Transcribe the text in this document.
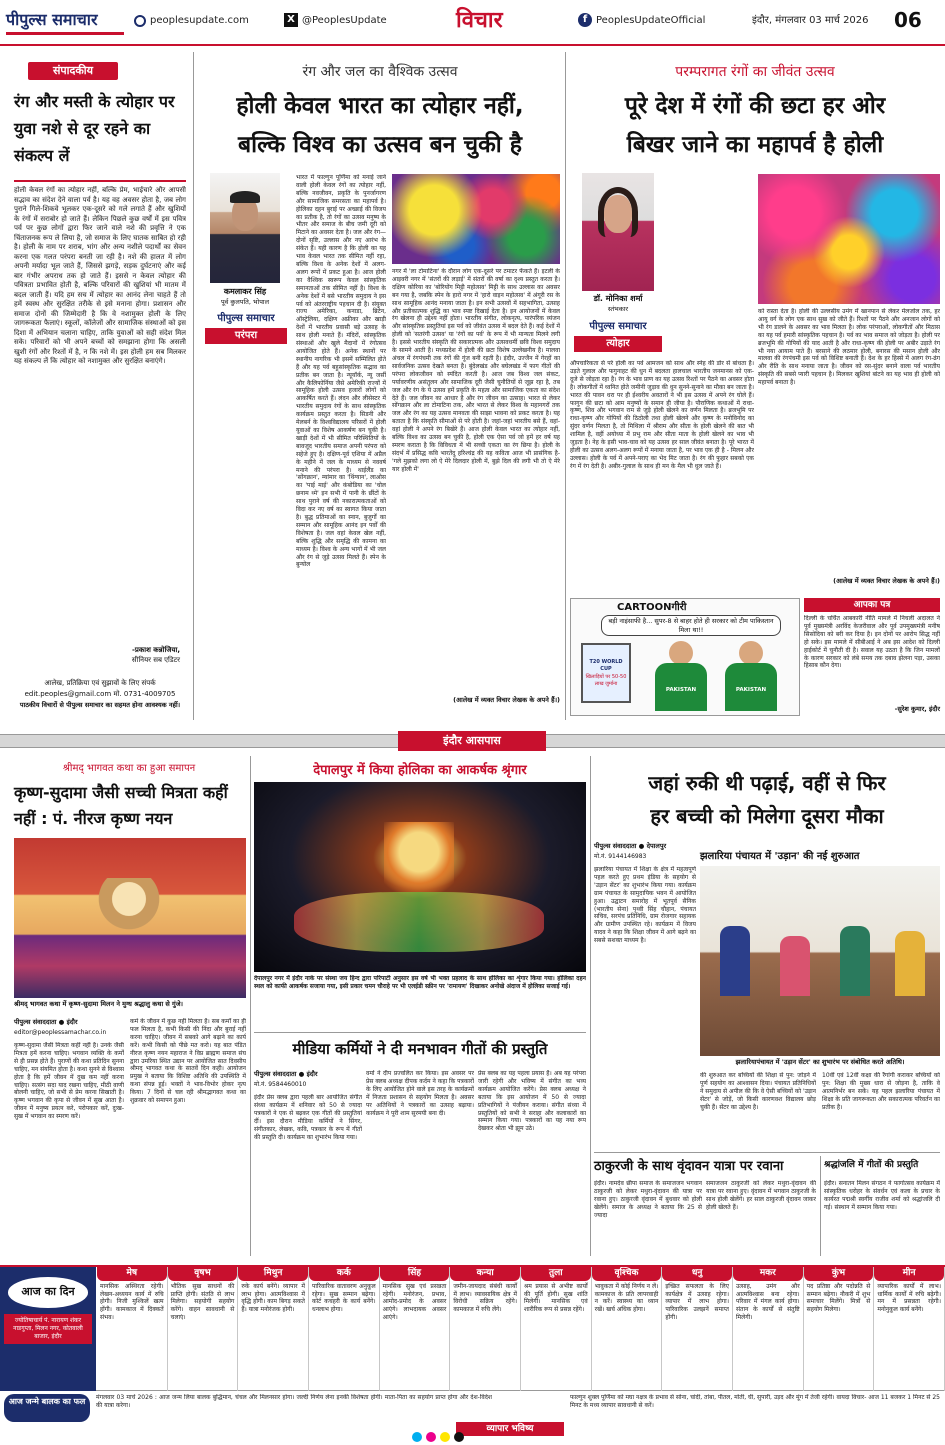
पीपुल्स समाचार	peoplesupdate.com	X @PeoplesUpdate	विचार	f PeoplesUpdateOfficial	इंदौर, मंगलवार 03 मार्च 2026 06
संपादकीय
रंग और मस्ती के त्योहार पर युवा नशे से दूर रहने का संकल्प लें
होली केवल रंगों का त्योहार नहीं, बल्कि प्रेम, भाईचारे और आपसी सद्भाव का संदेश देने वाला पर्व है। यह वह अवसर होता है, जब लोग पुराने गिले-शिकवे भूलकर एक-दूसरे को गले लगाते हैं और खुशियों के रंगों में सराबोर हो जाते हैं। लेकिन पिछले कुछ वर्षों में इस पवित्र पर्व पर कुछ लोगों द्वारा फिर जाने वाले नशे की प्रवृत्ति ने एक चिंताजनक रूप ले लिया है, जो समाज के लिए घातक साबित हो रही है। होली के नाम पर शराब, भांग और अन्य नशीले पदार्थों का सेवन करना एक गलत परंपरा बनती जा रही है। नशे की हालत में लोग अपनी मर्यादा भूल जाते हैं, जिससे झगड़े, सड़क दुर्घटनाएं और कई बार गंभीर अपराध तक हो जाते हैं। इससे न केवल त्योहार की पवित्रता प्रभावित होती है, बल्कि परिवारों की खुशियां भी मातम में बदल जाती हैं। यदि हम सच में त्योहार का आनंद लेना चाहते हैं तो हमें स्वस्थ और सुरक्षित तरीके से इसे मनाना होगा। प्रशासन और समाज दोनों की जिम्मेदारी है कि वे नशामुक्त होली के लिए जागरूकता फैलाएं। स्कूलों, कॉलेजों और सामाजिक संस्थाओं को इस दिशा में अभियान चलाना चाहिए, ताकि युवाओं को सही संदेश मिल सके। परिवारों को भी अपने बच्चों को समझाना होगा कि असली खुशी रंगों और रिश्तों में है, न कि नशे में। इस होली हम सब मिलकर यह संकल्प लें कि त्योहार को नशामुक्त और सुरक्षित बनाएंगे।
-प्रकाश कन्नोजिया,
सीनियर सब एडिटर
आलेख, प्रतिक्रिया एवं सुझावों के लिए संपर्क
edit.peoples@gmail.com मो. 0731-4009705
पाठकीय विचारों से पीपुल्स समाचार का सहमत होना आवश्यक नहीं।
रंग और जल का वैश्विक उत्सव
होली केवल भारत का त्योहार नहीं,
बल्कि विश्व का उत्सव बन चुकी है
कमलाकर सिंह
पूर्व कुलपति, भोपाल
पीपुल्स समाचार
परंपरा
भारत में फाल्गुन पूर्णिमा को मनाई जाने वाली होली केवल रंगों का त्योहार नहीं, बल्कि नवजीवन, प्रकृति के पुनर्जागरण और सामाजिक समरसता का महापर्व है। होलिका दहन बुराई पर अच्छाई की विजय का प्रतीक है, तो रंगों का उत्सव मनुष्य के भीतर और समाज के बीच जमी दूरी को मिटाने का अवसर देता है। जल और रंग—दोनों सृष्टि, उल्लास और नए आरंभ के संकेत हैं। यही कारण है कि होली का यह भाव केवल भारत तक सीमित नहीं रहा, बल्कि विश्व के अनेक देशों में अलग-अलग रूपों में प्रकट हुआ है। आज होली का वैश्विक स्वरूप केवल सांस्कृतिक समानताओं तक सीमित नहीं है। विश्व के अनेक देशों में बसे भारतीय समुदाय ने इस पर्व को अंतरराष्ट्रीय पहचान दी है। संयुक्त राज्य अमेरिका, कनाडा, ब्रिटेन, ऑस्ट्रेलिया, दक्षिण अफ्रीका और खाड़ी देशों में भारतीय प्रवासी बड़े उत्साह के साथ होली मनाते हैं। मंदिरों, सांस्कृतिक संस्थाओं और खुले मैदानों में रंगोत्सव आयोजित होते हैं। अनेक स्थानों पर स्थानीय नागरिक भी इसमें सम्मिलित होते हैं और यह पर्व बहुसांस्कृतिक सद्भाव का प्रतीक बन जाता है। न्यूयॉर्क, न्यू जर्सी और कैलिफोर्निया जैसे अमेरिकी राज्यों में सामूहिक होली उत्सव हजारों लोगों को आकर्षित करते हैं। लंदन और लीसेस्टर में भारतीय समुदाय रंगों के साथ सांस्कृतिक कार्यक्रम प्रस्तुत करता है। सिडनी और मेलबर्न के विश्वविद्यालय परिसरों में होली युवाओं का विशेष आकर्षण बन चुकी है। खाड़ी देशों में भी सीमित परिस्थितियों के बावजूद भारतीय समाज अपनी परंपरा को सहेजे हुए है। दक्षिण-पूर्व एशिया में अप्रैल के महीने में जल के माध्यम से नववर्ष मनाने की परंपरा है। थाईलैंड का 'सोंगक्रान', म्यांमार का 'थिंग्यान', लाओस का 'पाई माई' और कंबोडिया का 'चोल छनाम थ्मे' इन सभी में पानी के छींटों के साथ पुराने वर्ष की नकारात्मकताओं को विदा कर नए वर्ष का स्वागत किया जाता है। बुद्ध प्रतिमाओं का स्नान, बुजुर्गों का सम्मान और सामूहिक आनंद इन पर्वों की विशेषता है। जल वहां केवल खेल नहीं, बल्कि शुद्धि और समृद्धि की कामना का माध्यम है। विश्व के अन्य भागों में भी जल और रंग से जुड़े उत्सव मिलते हैं। स्पेन के बुन्योल
नगर में 'ला टोमाटिना' के दौरान लोग एक-दूसरे पर टमाटर फेंकते हैं। इटली के आइवरी नगर में 'संतरों की लड़ाई' में संतरों की वर्षा का दृश्य प्रस्तुत करता है। दक्षिण कोरिया का 'बोरियोंग मिट्टी महोत्सव' मिट्टी के साथ उल्लास का अवसर बन गया है, जबकि स्पेन के हारो नगर में 'हारो वाइन महोत्सव' में अंगूरी रस के साथ सामूहिक आनंद मनाया जाता है। इन सभी उत्सवों में सहभागिता, उत्साह और प्रतीकात्मक शुद्धि का भाव स्पष्ट दिखाई देता है। इन आयोजनों में केवल रंग खेलना ही उद्देश्य नहीं होता। भारतीय संगीत, लोकनृत्य, पारंपरिक व्यंजन और सांस्कृतिक प्रस्तुतियां इस पर्व को जीवंत उत्सव में बदल देते हैं। कई देशों में होली को 'सतरंगी उत्सव' या 'रंगों का पर्व' के रूप में भी मान्यता मिलने लगी है। इससे भारतीय संस्कृति की सकारात्मक और उत्सवधर्मी छवि विश्व समुदाय के सामने आती है। मध्यप्रदेश में होली की छटा विशेष उल्लेखनीय है। मालवा अंचल में रंगपंचमी तक रंगों की गूंज बनी रहती है। इंदौर, उज्जैन में गेरहों का सार्वजनिक उत्सव देखते बनता है। बुंदेलखंड और बघेलखंड में फाग गीतों की परंपरा लोकजीवन को स्पंदित करती है। आज जब विश्व जल संकट, पर्यावरणीय असंतुलन और सामाजिक दूरी जैसी चुनौतियों से जूझ रहा है, तब जल और रंग के ये उत्सव हमें प्रकृति के महत्व और सामाजिक एकता का संदेश देते हैं। जल जीवन का आधार है और रंग जीवन का उत्साह। भारत से लेकर सोंगक्रान और ला टोमाटिना तक, और भारत से लेकर विश्व के महानगरों तक जल और रंग का यह उत्सव मानवता की साझा भावना को प्रकट करता है। यह बताता है कि संस्कृति सीमाओं से परे होती है। जहां-जहां भारतीय बसे हैं, वहां-वहां होली ने अपने रंग बिखेरे हैं। आज होली केवल भारत का त्योहार नहीं, बल्कि विश्व का उत्सव बन चुकी है, होली एक ऐसा पर्व जो हमें हर वर्ष यह स्मरण कराता है कि विविधता में भी सच्ची एकता का रंग छिपा है। होली के संदर्भ में प्रसिद्ध कवि भारतेंदु हरिश्चंद्र की यह कविता आज भी प्रासंगिक है- 'गले मुझको लगा लो ऐ मेरे दिलदार होली में, बुझे दिल की लगी भी तो ऐ मेरे यार होली में'
(आलेख में व्यक्त विचार लेखक के अपने हैं।)
परम्परागत रंगों का जीवंत उत्सव
पूरे देश में रंगों की छटा हर ओर
बिखर जाने का महापर्व है होली
डॉ. मोनिका शर्मा
स्तंभकार
पीपुल्स समाचार
त्योहार
औपचारिकता से परे होली का पर्व आमजन को साथ और स्नेह की डोर से बांधता है। उड़ते गुलाल और फगुनाहट की धुन में बदलता हालचाल भारतीय जनमानस को एक-दूजे से जोड़ता रहा है। रंग के भाव प्राण का यह उत्सव रिश्तों पर पैठने का अवसर होता है। लोकगीतों में ध्वनित होते जमीनी जुड़ाव की धुन सुनने-सुनाने का मौका बन जाता है। भारत की पावन धरा पर ही ईश्वरीय अवतारों ने भी इस उत्सव में अपने रंग घोले हैं। फागुन की छटा को आम मनुष्यों के समान ही जीया है। पौराणिक कथाओं में राधा-कृष्ण, शिव और भगवान राम से जुड़े होली खेलने का वर्णन मिलता है। ब्रजभूमि पर राधा-कृष्ण और गोपियों की ठिठोली तथा होली खेलने और कृष्ण के मनोविनोद का सुंदर वर्णन मिलता है, तो मिथिला में श्रीराम और सीता के होली खेलने की बात भी शामिल है, वहीं अयोध्या में प्रभु राम और सीता माता के होली खेलने का भाव भी जुड़ता है। नेह के इसी भाव-चाव को यह उत्सव हर साल जीवंत बनाता है। पूरे भारत में होली का उत्सव अलग-अलग रूपों में मनाया जाता है, पर भाव एक ही है - मिलन और उल्लास। होली के पर्व में अपने-पराए का भेद मिट जाता है। रंग की फुहार सबको एक रंग में रंग देती है। अबीर-गुलाल के साथ ही मन के मैल भी धुल जाते हैं।
को रास्ता देता है। होली की उल्लसीय उमंग में खानपान से लेकर मेलजोल तक, हर आयु वर्ग के लोग एक साथ सुख को जीते हैं। रिश्तों पर पैठने और अनजान लोगों को भी रंग डालने के अवसर का भाव मिलता है। लोक परंपराओं, लोकगीतों और मिठास का यह पर्व हमारी सांस्कृतिक पहचान है। पर्व का भाव समाज को जोड़ता है। होली पर ब्रजभूमि की गोपियों की याद आती है और राधा-कृष्ण की होली पर अबीर उड़ाते रंग भी नया आयाम पाते हैं। बरसाने की लठमार होली, बनारस की मसान होली और मालवा की रंगपंचमी इस पर्व को विशिष्ट बनाती हैं। देश के हर हिस्से में अलग रंग-ढंग और रीति के साथ मनाया जाता है। जीवन को रस-सुंदर बनाने वाला पर्व भारतीय संस्कृति की सबसे प्यारी पहचान है। मिलकर खुशियां बांटने का यह भाव ही होली को महापर्व बनाता है।
(आलेख में व्यक्त विचार लेखक के अपने हैं।)
CARTOONगीरी
बड़ी नाइंसाफी है... सुपर-8 से बाहर होते ही सरकार को टीम पाकिस्तान मिला था!!
T20 WORLD CUP
खिलाड़ियों पर 50-50 लाख जुर्माना
PAKISTAN	PAKISTAN
आपका पत्र
दिल्ली के चर्चित आबकारी नीति मामले में निचली अदालत ने पूर्व मुख्यमंत्री अरविंद केजरीवाल और पूर्व उपमुख्यमंत्री मनीष सिसोदिया को बरी कर दिया है। इन दोनों पर आरोप सिद्ध नहीं हो सके। इस मामले में सीबीआई ने अब इस आदेश को दिल्ली हाईकोर्ट में चुनौती दी है। सवाल यह उठता है कि जिन मामलों के कारण सरकार को लंबे समय तक दबाव झेलना पड़ा, उसका हिसाब कौन देगा।
-सुरेश कुमार, इंदौर
इंदौर आसपास
श्रीमद् भागवत कथा का हुआ समापन
कृष्ण-सुदामा जैसी सच्ची मित्रता कहीं नहीं : पं. नीरज कृष्ण नयन
श्रीमद् भागवत कथा में कृष्ण-सुदामा मिलन ने मुग्ध श्रद्धालु कथा से गुंजे।
पीपुल्स संवाददाता ● इंदौर
editor@peoplessamachar.co.in
कृष्ण-सुदामा जैसी मित्रता कहीं नहीं है। उनके जैसी मित्रता हमें करना चाहिए। भगवान व्यक्ति के कर्मों से ही प्रसन्न होते हैं। पुराणों की कथा प्रतिदिन सुनना चाहिए, मन संयमित होता है। कथा सुनने से विश्वास होता है कि हमें जीवन में दुख कम नहीं करना चाहिए। सत्संग सदा याद रखना चाहिए, मीठी वाणी बोलनी चाहिए, जो सभी से प्रेम करना सिखाती है। कृष्ण भगवान की कृपा से जीवन में सुख आता है। जीवन में मनुष्य प्रयत्न करे, परोपकार करें, दुःख-सुख में भगवान का स्मरण करें।
कर्म के जीवन में कुछ नहीं मिलता है। सब कर्मों का ही फल मिलता है, कभी किसी की निंदा और बुराई नहीं करना चाहिए। जीवन में सबको आगे बढ़ाने का कार्य करें। कभी किसी को पीछे मत करो। यह बात पंडित नीरज कृष्ण नयन महाराज ने विप्र ब्राह्मण समाज संघ द्वारा उमरिया स्थित उद्यान पर आयोजित सात दिवसीय श्रीमद् भागवत कथा के सातवें दिन कही। आयोजन प्रमुख ने बताया कि विशिष्ट अतिथि की उपस्थिति में कथा संपन्न हुई। भक्तों ने भाव-विभोर होकर नृत्य किया। 7 दिनों से चल रही श्रीमद्भागवत कथा का शुक्रवार को समापन हुआ।
देपालपुर में किया होलिका का आकर्षक श्रृंगार
देपालपुर नगर में इंदौर नाके पर संस्था जय हिन्द द्वारा परिपाटी अनुसार इस वर्ष भी भक्त प्रहलाद के साथ होलिका का शृंगार किया गया। होलिका दहन स्थल को काफी आकर्षक सजाया गया, इसी प्रकार चमन चौराहे पर भी एलईडी स्क्रीन पर 'रामायण' दिखाकर अनोखे अंदाज में होलिका सजाई गई।
मीडिया कर्मियों ने दी मनभावन गीतों की प्रस्तुति
पीपुल्स संवाददाता ● इंदौर
मो.नं. 9584460010
इंदौर प्रेस क्लब द्वारा पहली बार आयोजित संगीत संध्या कार्यक्रम में शनिवार को 50 से ज्यादा पत्रकारों ने एक से बढ़कर एक गीतों की प्रस्तुतियां दीं। इस दौरान मीडिया कर्मियों ने सिंगर, संगीतकार, लेखक, कवि, पत्रकार के रूप में गीतों की प्रस्तुति दी। कार्यक्रम का शुभारंभ किया गया।
वर्मा ने दीप प्रज्वलित कर किया। इस अवसर पर प्रेस क्लब अध्यक्ष दीपक कर्दम ने कहा कि पत्रकारों के लिए आयोजित होने वाले इस तरह के कार्यक्रमों में निजता प्रशासन से सहयोग मिलता है। अवसर पर अतिथियों ने पत्रकारों का उत्साह बढ़ाया। कार्यक्रम ने पूरी शाम सुरमयी बना दी।
प्रेस क्लब का यह पहला प्रयास है। अब यह परंपरा जारी रहेगी और भविष्य में संगीत का भव्य कार्यक्रम आयोजित करेंगे। प्रेस क्लब अध्यक्ष ने बताया कि इस आयोजन में 50 से ज्यादा प्रतिभागियों ने पंजीयन कराया। संगीत संध्या में प्रस्तुतियों को सभी ने सराहा और कलाकारों का सम्मान किया गया। पत्रकारों का यह नया रूप देखकर श्रोता भी झूम उठे।
जहां रुकी थी पढ़ाई, वहीं से फिर
हर बच्ची को मिलेगा दूसरा मौका
पीपुल्स संवाददाता ● देपालपुर
मो.नं. 9144146983	झलारिया पंचायत में 'उड़ान' की नई शुरुआत
झलारिया पंचायत में शिक्षा के क्षेत्र में महत्वपूर्ण पहल करते हुए प्रथम इंडिया के सहयोग से 'उड़ान सेंटर' का शुभारंभ किया गया। कार्यक्रम ग्राम पंचायत के सामुदायिक भवन में आयोजित हुआ। उद्घाटन समारोह में भूतपूर्व सैनिक (भारतीय सेना) पृथ्वी सिंह चौहान, पंचायत सचिव, सरपंच प्रतिनिधि, ग्राम रोजगार सहायक और ग्रामीण उपस्थित रहे। कार्यक्रम में विजय यादव ने कहा कि शिक्षा जीवन में आगे बढ़ने का सबसे सशक्त माध्यम है।
झलारियापंचायत में 'उड़ान सेंटर' का शुभारंभ पर संबोधित करते अतिथि।
की शुरुआत कर बच्चियों की शिक्षा से पुन: जोड़ने में पूर्ण सहयोग का आश्वासन दिया। पंचायत प्रतिनिधियों ने समुदाय से अपील की कि वे ऐसी बच्चियों को 'उड़ान सेंटर' से जोड़ें, जो किसी कारणवश विद्यालय छोड़ चुकी हैं। सेंटर का उद्देश्य है।
10वीं एवं 12वीं कक्षा की रैंगांगी कराकर बच्चियों को पुन: शिक्षा की मुख्य धारा से जोड़ना है, ताकि वे आत्मनिर्भर बन सकें। यह पहल झलारिया पंचायत में शिक्षा के प्रति जागरूकता और सकारात्मक परिवर्तन का प्रतीक है।
ठाकुरजी के साथ वृंदावन यात्रा पर रवाना
इंदौर। नामदेव छीपा समाज के समाजजन भगवान ठाकुरजी को लेकर मथुरा-वृंदावन की यात्रा पर रवाना हुए। ठाकुरजी वृंदावन में बुधवार को होली खेलेंगे। समाज के अध्यक्ष ने बताया कि 25 से ज्यादा
समाजजन ठाकुरजी को लेकर मथुरा-वृंदावन की यात्रा पर रवाना हुए। वृंदावन में भगवान ठाकुरजी के साथ होली खेलेंगे। हर साल ठाकुरजी वृंदावन जाकर होली खेलते हैं।
श्रद्धांजलि में गीतों की प्रस्तुति
इंदौर। सनातन मिलन संगठन ने फागोत्सव कार्यक्रम में सांस्कृतिक धरोहर के संवर्धन एवं कला के प्रचार के कार्यरत पद्मश्री स्वर्गीय राजीव शर्मा को श्रद्धांजलि दी गई। संस्थान में सम्मान किया गया।
आज का दिन
ज्योतिषाचार्य पं. नारायण शंकर नाडगुप्ता, मिलन नगर, कोतवाली बाजार, इंदौर
मेष
मानसिक अस्थिरता रहेगी। लेखन-अध्ययन कार्य में रुचि होगी। निजी मुश्किलें खत्म होंगी। कामकाज में दिक्कतें संभव।
वृषभ
भौतिक सुख साधनों की प्राप्ति होगी। संतति से लाभ मिलेगा। सहयोगी सहयोग करेंगे। वाहन सावधानी से चलाएं।
मिथुन
रुके कार्य बनेंगे। व्यापार में लाभ होगा। आत्मविश्वास में वृद्धि होगी। काम बिगड़ सकते हैं। यात्रा मनोरंजक होगी।
कर्क
पारिवारिक वातावरण अनुकूल रहेगा। सुख सम्मान बढ़ेगा। कोर्ट कचहरी के कार्य बनेंगे। धनलाभ होगा।
सिंह
मानसिक सुख एवं प्रसन्नता रहेगी। मनोरंजन, प्रभाव, आमोद-प्रमोद के अवसर आएंगे। लाभदायक अवसर आएंगे।
कन्या
जमीन-जायदाद संबंधी कार्यों में लाभ। व्यावसायिक क्षेत्र में विरोधी सक्रिय रहेंगे। कामकाज में रुचि लेंगे।
तुला
श्रम प्रयास से अभीष्ट कार्यों की पूर्ति होगी। सुख शांति मिलेगी। मानसिक एवं शारीरिक रूप से प्रसन्न रहेंगे।
वृश्चिक
भावुकता में कोई निर्णय न लें। कामकाज के प्रति लापरवाही न करें। स्वास्थ्य का ध्यान रखें। खर्च अधिक होगा।
धनु
इच्छित सफलता के लिए कार्यक्षेत्र में उत्साह रहेगा। व्यापार में लाभ होगा। पारिवारिक उलझनें समाप्त होंगी।
मकर
उत्साह, उमंग और आत्मविश्वास बना रहेगा। परिवार में मंगल कार्य होगा। संतान के कार्यों से संतुष्टि मिलेगी।
कुंभ
पद प्रतिष्ठा और पदोन्नति से सम्मान बढ़ेगा। नौकरी में शुभ समाचार मिलेंगे। मित्रों से सहयोग मिलेगा।
मीन
व्यापारिक कार्यों में लाभ। धार्मिक कार्यों में रुचि बढ़ेगी। मन में प्रसन्नता रहेगी। मनोनुकूल कार्य बनेंगे।
आज जन्मे बालक का फल	मंगलवार 03 मार्च 2026 : आज जन्म लिया बालक बुद्धिमान, चंचल और मिलनसार होगा। जल्दी निर्णय लेना इनकी विशेषता होगी। माता-पिता का सहयोग प्राप्त होगा और देश-विदेश की यात्रा करेगा।
व्यापार भविष्य
फाल्गुन शुक्ल पूर्णिमा को मघा नक्षत्र के प्रभाव से सोना, चांदी, तांबा, पीतल, मोती, घी, सुपारी, उड़द और मूंग में तेजी रहेगी। वायदा विचार- आज 11 बजकर 1 मिनट से 25 मिनट के मध्य व्यापार सावधानी से करें।
